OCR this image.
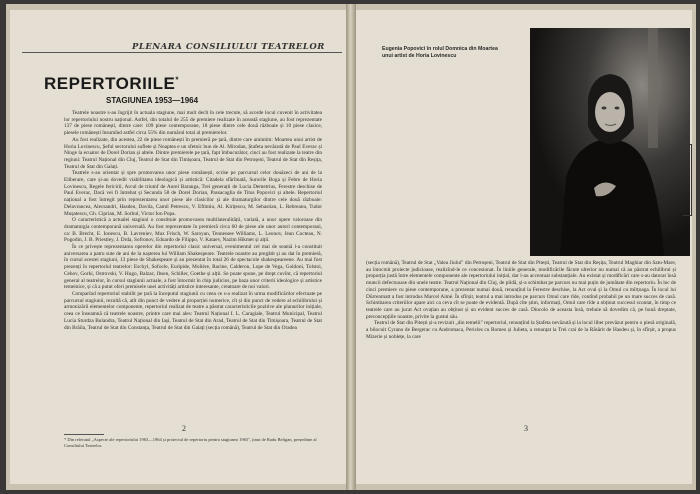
PLENARA CONSILIULUI TEATRELOR
REPERTORIILE*
STAGIUNEA 1953—1964

Teatrele noastre s-au îngrijit în actuala stagiune, mai mult decît în cele trecute, să acorde locul cuvenit în activitatea lor repertoriului nostru național. Astfel, din totalul de 255 de premiere realizate în această stagiune, au fost reprezentate 137 de piese românești, dintre care: 109 piese contemporane, 18 piese dintre cele două războaie și 10 piese clasice, piesele românești însumînd astfel circa 55% din numărul total al premierelor.

Au fost realizate, din acestea, 22 de piese românești în premieră pe țară, dintre care amintim: Moartea unui artist de Horia Lovinescu, Șeful sectorului suflete și Noaptea e un sfetnic bun de Al. Mirodan, Ștafeta nevăzută de Paul Everac și Ninge la ecuator de Dorel Dorian și altele. Dintre premierele pe țară, fapt îmbucurător, cinci au fost realizate la teatre din regiuni: Teatrul Național din Cluj, Teatrul de Stat din Timișoara, Teatrul de Stat din Petroșeni, Teatrul de Stat din Reșița, Teatrul de Stat din Galați.

Teatrele s-au orientat și spre promovarea unor piese românești, scrise pe parcursul celor douăzeci de ani de la Eliberare, care și-au dovedit viabilitatea ideologică și artistică: Citadela sfărîmată, Surorile Boga și Febre de Horia Lovinescu, Regele fericirii, Arcul de triumf de Aurel Baranga, Trei generații de Lucia Demetrius, Ferestre deschise de Paul Everac, Dacă vei fi întrebat și Secunda 58 de Dorel Dorian, Passacaglia de Titus Popovici și altele. Repertoriul național a fost întregit prin reprezentarea unor piese ale clasicilor și ale dramaturgilor dintre cele două războaie: Delavrancea, Alecsandri, Hasdeu, Davila, Camil Petrescu, V. Eftimiu, Al. Kirițescu, M. Sebastian, L. Rebreanu, Tudor Mușatescu, Gh. Ciprian, M. Sorbul, Victor Ion Popa.

O caracteristică a actualei stagiuni o constituie promovarea multilateralității, variată, a unor opere valoroase din dramaturgia contemporană universală. Au fost reprezentate în premieră circa 60 de piese ale unor autori contemporani, ca: B. Brecht, E. Ionescu, B. Lavreniev, Max Frisch, W. Saroyan, Tennessee Williams, L. Leonov, Jean Cocteau, N. Pogodin, J. B. Priestley, J. Drda, Sofronov, Eduardo de Filippo, V. Kataev, Nazim Hikmet și alții.

În ce privește reprezentarea operelor din repertoriul clasic universal, evenimentul cel mai de seamă l-a constituit aniversarea a patru sute de ani de la nașterea lui William Shakespeare. Teatrele noastre au pregătit și au dat în premieră, în cursul acestei stagiuni, 13 piese de Shakespeare și au prezentat în total 26 de spectacole shakespeareene. Au mai fost prezenți în repertoriul teatrelor: Eschyl, Sofocle, Euripide, Molière, Racine, Calderon, Lope de Vega, Goldoni, Tolstoi, Cehov, Gorki, Ostrovski, V. Hugo, Balzac, Ibsen, Schiller, Goethe și alții. Se poate spune, pe drept cuvînt, că repertoriul general al teatrelor, în cursul stagiunii actuale, a fost întocmit în chip judicios, pe baza unor criterii ideologice și artistice temeinice, și că a putut oferi premisele unei activități artistice interesante, creatoare de noi valori.

Comparînd repertoriul stabilit pe țară la începutul stagiunii cu ceea ce s-a realizat în urma modificărilor efectuate pe parcursul stagiunii, rezultă că, atît din punct de vedere al proporției numerice, cît și din punct de vedere al echilibrului și armonizării elementelor componente, repertoriul realizat de teatre a păstrat caracteristicile pozitive ale planurilor inițiale, ceea ce înseamnă că teatrele noastre, printre care mai ales: Teatrul Național I. L. Caragiale, Teatrul Municipal, Teatrul Lucia Sturdza Bulandra, Teatrul Național din Iași, Teatrul de Stat din Arad, Teatrul de Stat din Timișoara, Teatrul de Stat din Brăila, Teatrul de Stat din Constanța, Teatrul de Stat din Galați (secția română), Teatrul de Stat din Oradea

* Din referatul „Aspecte ale repertoriului 1963—1964 și proiectul de repertoriu pentru stagiunea 1965", ținut de Radu Beligan, președinte al Consiliului Teatrelor.
2
Eugenia Popovici în rolul Domnica din Moartea
unui artist de Horia Lovinescu

(secția română), Teatrul de Stat „Valea Jiului" din Petroșeni, Teatrul de Stat din Pitești, Teatrul de Stat din Reșița, Teatrul Maghiar din Satu-Mare, au întocmit proiecte judicioase, realizînd-le ce concesionat. În liniile generale, modificările făcute ulterior nu numai că au păstrat echilibrul și proporția justă între elementele componente ale repertoriului inițial, dar l-au accentuat substanțiale. Au existat și modificări care s-au datorat însă muncii defectuoase din unele teatre. Teatrul Național din Cluj, de pildă, și-a schimbat pe parcurs nu mai puțin de jumătate din repertoriu. În loc de cinci premiere cu piese contemporane, a prezentat numai două, renunțînd la Ferestre deschise, la Act oval și la Omul cu mîrțoaga. În locul lui Dürrenmatt a fost introdus Marcel Aimé. În sfîrșit, teatrul a mai introdus pe parcurs Omul care rîde, contînd probabil pe un mare succes de casă. Schimbarea criteriilor apare aici ca ceva cît se poate de evidentă. După cîte știm, informați, Omul care rîde a obținut succesul scontat, în timp ce teatrele care au jucat Act ovațian au obținut și un evident succes de casă. Dincolo de aceasta însă, trebuie să dovedim că, pe bună dreptate, preconcepțiile noastre, privite la gustul său.

Teatrul de Stat din Pitești și-a revizuit „din temelii" repertoriul, renunțînd la Ștafeta nevăzută și la locul liber prevăzut pentru o piesă originală, a bilocuit Cyrano de Bergerac cu Andromaca, Pericles cu Romeo și Julieta, a renunțat la Trei crai de la Răsărit de Hasdeu și, în sfîrșit, a propus Mizerie și noblețe, la care

3
